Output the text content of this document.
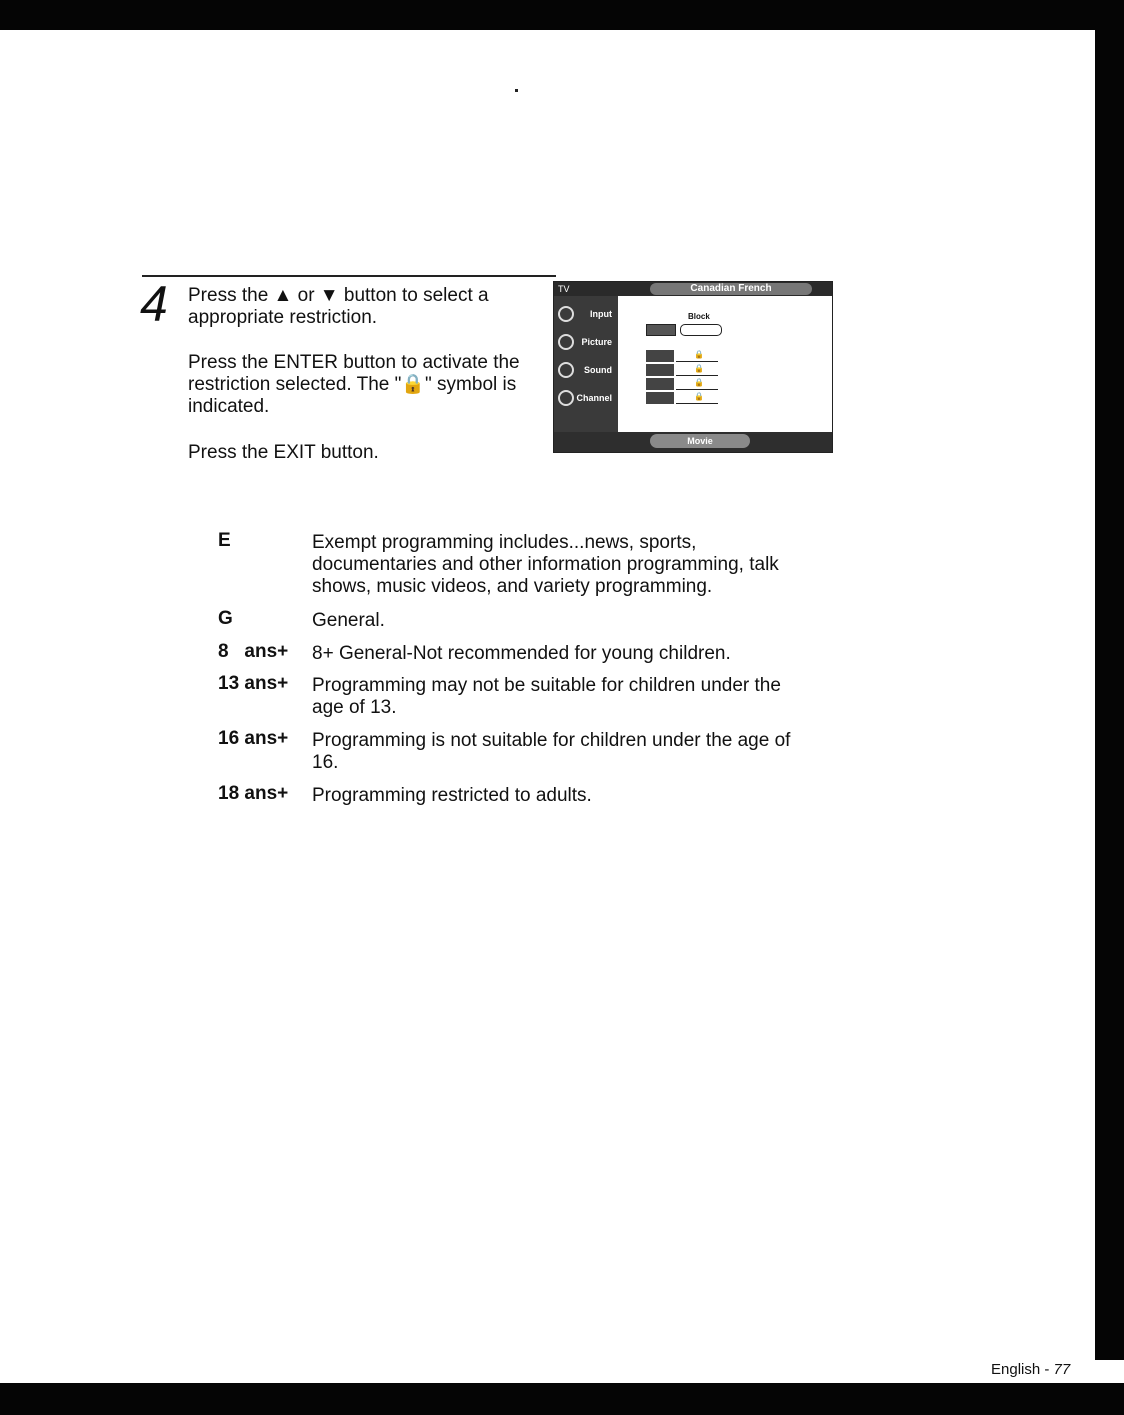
4	Press the ▲ or ▼ button to select a appropriate restriction.
Press the ENTER button to activate the restriction selected. The "🔒" symbol is indicated.
Press the EXIT button.
TV	Canadian French
Input
Picture
Sound
Channel
Block
🔒
🔒
🔒
🔒
Movie
E	Exempt programming includes...news, sports, documentaries and other information programming, talk shows, music videos, and variety programming.
G	General.
8   ans+	8+ General-Not recommended for young children.
13 ans+	Programming may not be suitable for children under the age of 13.
16 ans+	Programming is not suitable for children under the age of 16.
18 ans+	Programming restricted to adults.
English - 77
